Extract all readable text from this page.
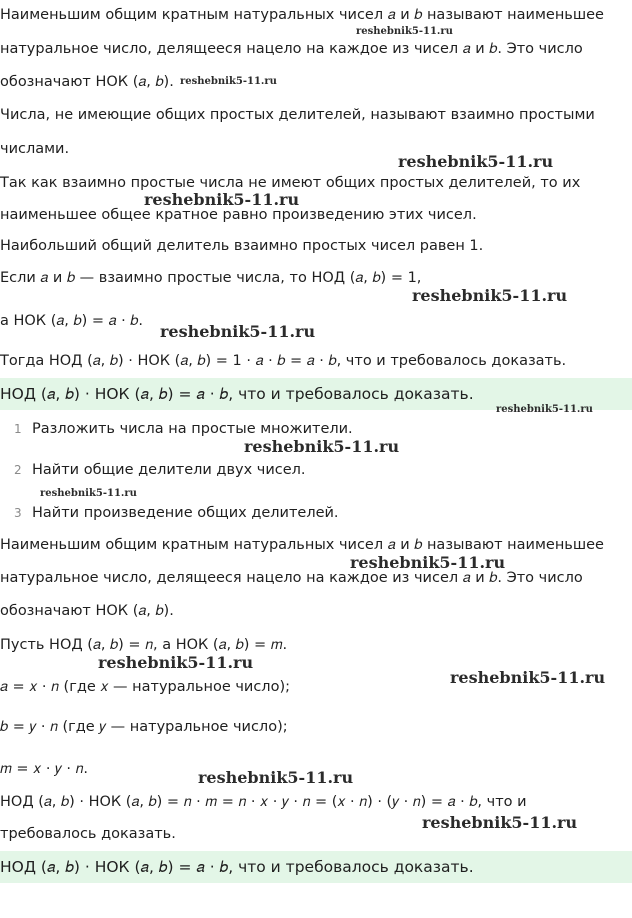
Наименьшим общим кратным натуральных чисел 𝑎 и 𝑏 называют наименьшее
натуральное число, делящееся нацело на каждое из чисел 𝑎 и 𝑏. Это число
обозначают НОК (𝑎, 𝑏).
Числа, не имеющие общих простых делителей, называют взаимно простыми
числами.
Так как взаимно простые числа не имеют общих простых делителей, то их
наименьшее общее кратное равно произведению этих чисел.
Наибольший общий делитель взаимно простых чисел равен 1.
Если 𝑎 и 𝑏 — взаимно простые числа, то НОД (𝑎, 𝑏) = 1,
а НОК (𝑎, 𝑏) = 𝑎 · 𝑏.
Тогда НОД (𝑎, 𝑏) · НОК (𝑎, 𝑏) = 1 · 𝑎 · 𝑏 = 𝑎 · 𝑏, что и требовалось доказать.
НОД (𝑎, 𝑏) · НОК (𝑎, 𝑏) = 𝑎 · 𝑏, что и требовалось доказать.
1 Разложить числа на простые множители.
2 Найти общие делители двух чисел.
3 Найти произведение общих делителей.
Наименьшим общим кратным натуральных чисел 𝑎 и 𝑏 называют наименьшее
натуральное число, делящееся нацело на каждое из чисел 𝑎 и 𝑏. Это число
обозначают НОК (𝑎, 𝑏).
Пусть НОД (𝑎, 𝑏) = 𝑛, а НОК (𝑎, 𝑏) = 𝑚.
𝑎 = 𝑥 · 𝑛 (где 𝑥 — натуральное число);
𝑏 = 𝑦 · 𝑛 (где 𝑦 — натуральное число);
𝑚 = 𝑥 · 𝑦 · 𝑛.
НОД (𝑎, 𝑏) · НОК (𝑎, 𝑏) = 𝑛 · 𝑚 = 𝑛 · 𝑥 · 𝑦 · 𝑛 = (𝑥 · 𝑛) · (𝑦 · 𝑛) = 𝑎 · 𝑏, что и
требовалось доказать.
НОД (𝑎, 𝑏) · НОК (𝑎, 𝑏) = 𝑎 · 𝑏, что и требовалось доказать.
reshebnik5-11.ru
reshebnik5-11.ru
reshebnik5-11.ru
reshebnik5-11.ru
reshebnik5-11.ru
reshebnik5-11.ru
reshebnik5-11.ru
reshebnik5-11.ru
reshebnik5-11.ru
reshebnik5-11.ru
reshebnik5-11.ru
reshebnik5-11.ru
reshebnik5-11.ru
reshebnik5-11.ru
